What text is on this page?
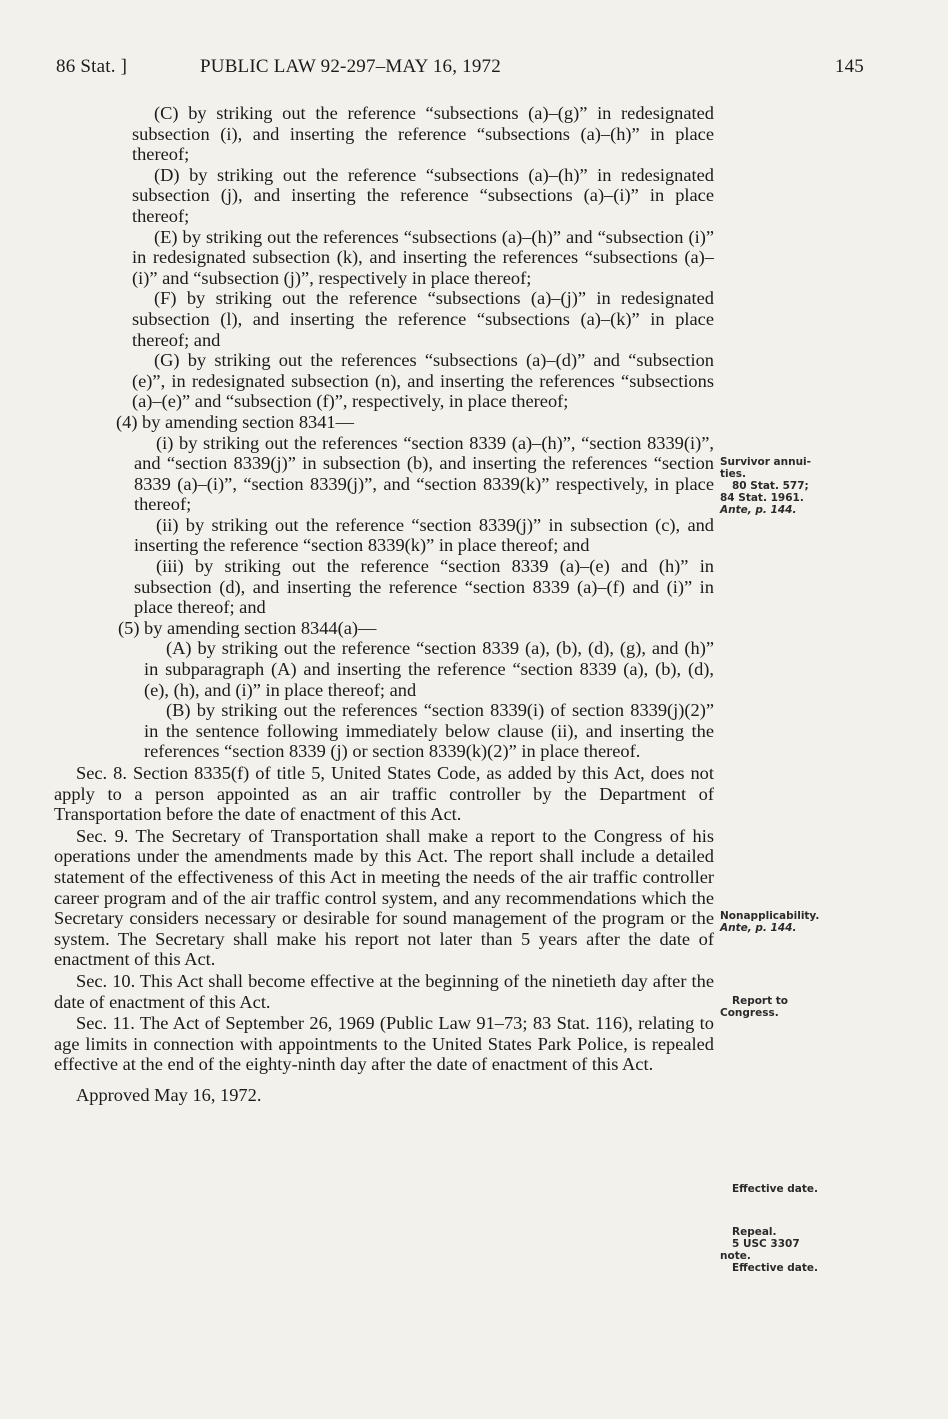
86 Stat. ]	PUBLIC LAW 92-297–MAY 16, 1972	145

(C) by striking out the reference “subsections (a)–(g)” in redesignated subsection (i), and inserting the reference “subsections (a)–(h)” in place thereof;

(D) by striking out the reference “subsections (a)–(h)” in redesignated subsection (j), and inserting the reference “subsections (a)–(i)” in place thereof;

(E) by striking out the references “subsections (a)–(h)” and “subsection (i)” in redesignated subsection (k), and inserting the references “subsections (a)–(i)” and “subsection (j)”, respectively in place thereof;

(F) by striking out the reference “subsections (a)–(j)” in redesignated subsection (l), and inserting the reference “subsections (a)–(k)” in place thereof; and

(G) by striking out the references “subsections (a)–(d)” and “subsection (e)”, in redesignated subsection (n), and inserting the references “subsections (a)–(e)” and “subsection (f)”, respectively, in place thereof;

(4) by amending section 8341—

(i) by striking out the references “section 8339 (a)–(h)”, “section 8339(i)”, and “section 8339(j)” in subsection (b), and inserting the references “section 8339 (a)–(i)”, “section 8339(j)”, and “section 8339(k)” respectively, in place thereof;

(ii) by striking out the reference “section 8339(j)” in subsection (c), and inserting the reference “section 8339(k)” in place thereof; and

(iii) by striking out the reference “section 8339 (a)–(e) and (h)” in subsection (d), and inserting the reference “section 8339 (a)–(f) and (i)” in place thereof; and

(5) by amending section 8344(a)—

(A) by striking out the reference “section 8339 (a), (b), (d), (g), and (h)” in subparagraph (A) and inserting the reference “section 8339 (a), (b), (d), (e), (h), and (i)” in place thereof; and

(B) by striking out the references “section 8339(i) of section 8339(j)(2)” in the sentence following immediately below clause (ii), and inserting the references “section 8339 (j) or section 8339(k)(2)” in place thereof.

Sec. 8. Section 8335(f) of title 5, United States Code, as added by this Act, does not apply to a person appointed as an air traffic controller by the Department of Transportation before the date of enactment of this Act.

Sec. 9. The Secretary of Transportation shall make a report to the Congress of his operations under the amendments made by this Act. The report shall include a detailed statement of the effectiveness of this Act in meeting the needs of the air traffic controller career program and of the air traffic control system, and any recommendations which the Secretary considers necessary or desirable for sound management of the program or the system. The Secretary shall make his report not later than 5 years after the date of enactment of this Act.

Sec. 10. This Act shall become effective at the beginning of the ninetieth day after the date of enactment of this Act.

Sec. 11. The Act of September 26, 1969 (Public Law 91–73; 83 Stat. 116), relating to age limits in connection with appointments to the United States Park Police, is repealed effective at the end of the eighty-ninth day after the date of enactment of this Act.

Approved May 16, 1972.

Survivor annui-
ties.
80 Stat. 577;
84 Stat. 1961.
Ante, p. 144.
Nonapplicability.
Ante, p. 144.
Report to
Congress.
Effective date.
Repeal.
5 USC 3307
note.
Effective date.
